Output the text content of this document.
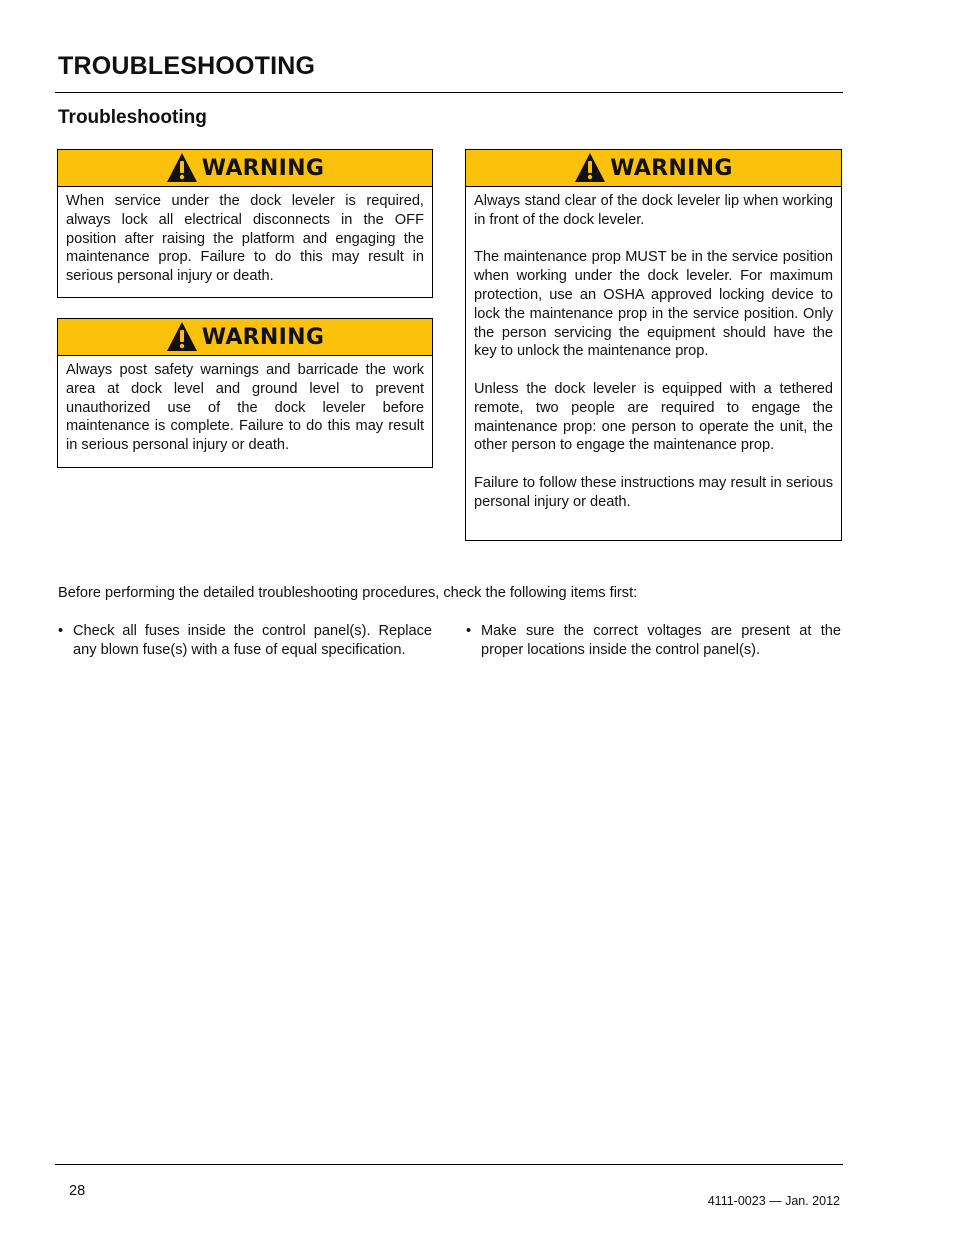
TROUBLESHOOTING
Troubleshooting
WARNING

When service under the dock leveler is required, always lock all electrical disconnects in the OFF position after raising the platform and engaging the maintenance prop. Failure to do this may result in serious personal injury or death.

WARNING

Always post safety warnings and barricade the work area at dock level and ground level to prevent unauthorized use of the dock leveler before maintenance is complete. Failure to do this may result in serious personal injury or death.

WARNING

Always stand clear of the dock leveler lip when working in front of the dock leveler.

The maintenance prop MUST be in the service position when working under the dock leveler. For maximum protection, use an OSHA approved locking device to lock the maintenance prop in the service position. Only the person servicing the equipment should have the key to unlock the maintenance prop.

Unless the dock leveler is equipped with a tethered remote, two people are required to engage the maintenance prop: one person to operate the unit, the other person to engage the maintenance prop.

Failure to follow these instructions may result in serious personal injury or death.

Before performing the detailed troubleshooting procedures, check the following items first:

• Check all fuses inside the control panel(s). Replace any blown fuse(s) with a fuse of equal specification.
• Make sure the correct voltages are present at the proper locations inside the control panel(s).
28
4111-0023 — Jan. 2012
